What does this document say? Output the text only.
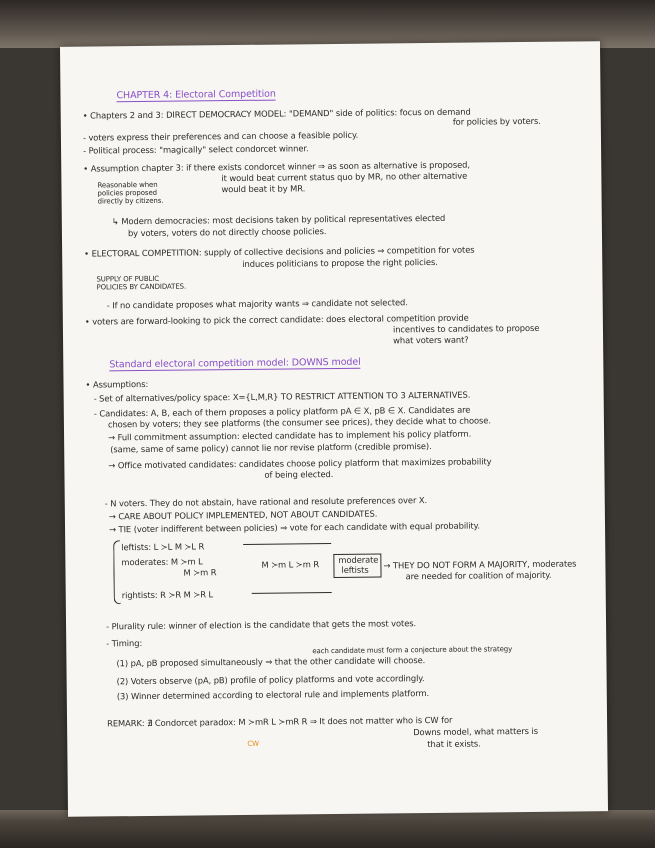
CHAPTER 4: Electoral Competition
• Chapters 2 and 3: DIRECT DEMOCRACY MODEL: "DEMAND" side of politics: focus on demand
for policies by voters.
- voters express their preferences and can choose a feasible policy.
- Political process: "magically" select condorcet winner.
• Assumption chapter 3: if there exists condorcet winner ⇒ as soon as alternative is proposed,
it would beat current status quo by MR, no other alternative
would beat it by MR.
Reasonable when
policies proposed
directly by citizens.
↳ Modern democracies: most decisions taken by political representatives elected
by voters, voters do not directly choose policies.
• ELECTORAL COMPETITION: supply of collective decisions and policies ⇒ competition for votes
induces politicians to propose the right policies.
SUPPLY OF PUBLIC
POLICIES BY CANDIDATES.
- If no candidate proposes what majority wants ⇒ candidate not selected.
• voters are forward-looking to pick the correct candidate: does electoral competition provide
incentives to candidates to propose
what voters want?
Standard electoral competition model: DOWNS model
• Assumptions:
- Set of alternatives/policy space: X={L,M,R} TO RESTRICT ATTENTION TO 3 ALTERNATIVES.
- Candidates: A, B, each of them proposes a policy platform pA ∈ X, pB ∈ X. Candidates are
chosen by voters; they see platforms (the consumer see prices), they decide what to choose.
→ Full commitment assumption: elected candidate has to implement his policy platform.
(same, same of same policy) cannot lie nor revise platform (credible promise).
→ Office motivated candidates: candidates choose policy platform that maximizes probability
of being elected.
- N voters. They do not abstain, have rational and resolute preferences over X.
→ CARE ABOUT POLICY IMPLEMENTED, NOT ABOUT CANDIDATES.
→ TIE (voter indifferent between policies) ⇒ vote for each candidate with equal probability.
leftists: L ≻L M ≻L R
moderates: M ≻m L	M ≻m L ≻m R moderate
leftists
M ≻m R
rightists: R ≻R M ≻R L
→ THEY DO NOT FORM A MAJORITY, moderates
are needed for coalition of majority.
- Plurality rule: winner of election is the candidate that gets the most votes.
- Timing:
each candidate must form a conjecture about the strategy
(1) pA, pB proposed simultaneously ⇒ that the other candidate will choose.
(2) Voters observe (pA, pB) profile of policy platforms and vote accordingly.
(3) Winner determined according to electoral rule and implements platform.
REMARK: ∄ Condorcet paradox: M ≻mR L ≻mR R ⇒ It does not matter who is CW for
Downs model, what matters is
that it exists.
CW
